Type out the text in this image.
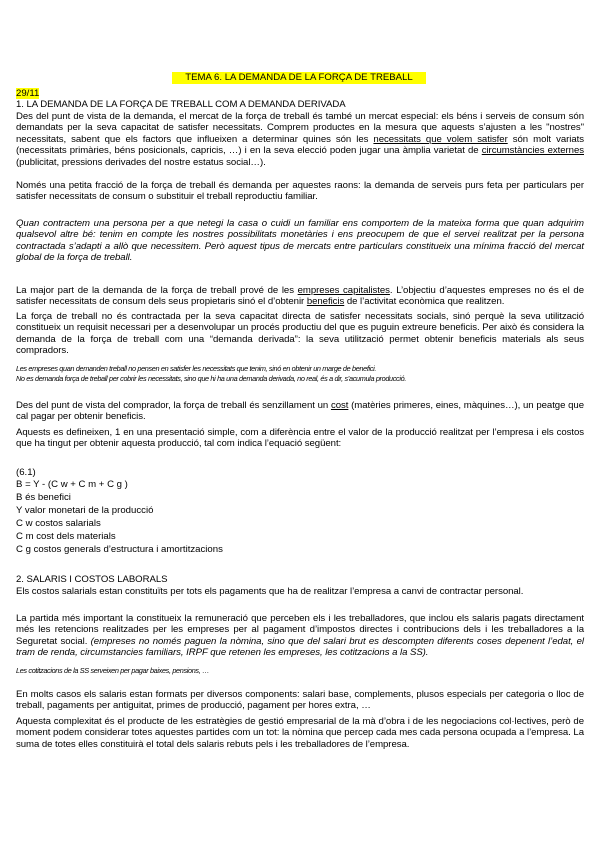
TEMA 6. LA DEMANDA DE LA FORÇA DE TREBALL
29/11

1. LA DEMANDA DE LA FORÇA DE TREBALL COM A DEMANDA DERIVADA

Des del punt de vista de la demanda, el mercat de la força de treball és també un mercat especial: els béns i serveis de consum són demandats per la seva capacitat de satisfer necessitats. Comprem productes en la mesura que aquests s’ajusten a les "nostres" necessitats, sabent que els factors que influeixen a determinar quines són les necessitats que volem satisfer són molt variats (necessitats primàries, béns posicionals, capricis, …) i en la seva elecció poden jugar una àmplia varietat de circumstàncies externes (publicitat, pressions derivades del nostre estatus social…).

Només una petita fracció de la força de treball és demanda per aquestes raons: la demanda de serveis purs feta per particulars per satisfer necessitats de consum o substituir el treball reproductiu familiar.

Quan contractem una persona per a que netegi la casa o cuidi un familiar ens comportem de la mateixa forma que quan adquirim qualsevol altre bé: tenim en compte les nostres possibilitats monetàries i ens preocupem de que el servei realitzat per la persona contractada s’adapti a allò que necessitem. Però aquest tipus de mercats entre particulars constitueix una mínima fracció del mercat global de la força de treball.

La major part de la demanda de la força de treball prové de les empreses capitalistes. L’objectiu d’aquestes empreses no és el de satisfer necessitats de consum dels seus propietaris sinó el d’obtenir beneficis de l’activitat econòmica que realitzen.

La força de treball no és contractada per la seva capacitat directa de satisfer necessitats socials, sinó perquè la seva utilització constitueix un requisit necessari per a desenvolupar un procés productiu del que es puguin extreure beneficis. Per això és considera la demanda de la força de treball com una “demanda derivada”: la seva utilització permet obtenir beneficis materials als seus compradors.

Les empreses quan demanden treball no pensen en satisfer les necessitats que tenim, sinó en obtenir un marge de benefici.

No es demanda força de treball per cobrir les necessitats, sino que hi ha una demanda derivada, no real, és a dir, s’acumula producció.

Des del punt de vista del comprador, la força de treball és senzillament un cost (matèries primeres, eines, màquines…), un peatge que cal pagar per obtenir beneficis.

Aquests es defineixen, 1 en una presentació simple, com a diferència entre el valor de la producció realitzat per l’empresa i els costos que ha tingut per obtenir aquesta producció, tal com indica l’equació següent:

(6.1)

B = Y - (C w + C m + C g )

B és benefici

Y valor monetari de la producció

C w costos salarials

C m cost dels materials

C g costos generals d’estructura i amortitzacions

2. SALARIS I COSTOS LABORALS

Els costos salarials estan constituïts per tots els pagaments que ha de realitzar l’empresa a canvi de contractar personal.

La partida més important la constitueix la remuneració que perceben els i les treballadores, que inclou els salaris pagats directament més les retencions realitzades per les empreses per al pagament d’impostos directes i contribucions dels i les treballadores a la Seguretat social. (empreses no només paguen la nòmina, sino que del salari brut es descompten diferents coses depenent l’edat, el tram de renda, circumstancies familiars, IRPF que retenen les empreses, les cotitzacions a la SS).

Les cotitzacions de la SS serveixen per pagar baixes, pensions, …

En molts casos els salaris estan formats per diversos components: salari base, complements, plusos especials per categoria o lloc de treball, pagaments per antiguitat, primes de producció, pagament per hores extra, …

Aquesta complexitat és el producte de les estratègies de gestió empresarial de la mà d’obra i de les negociacions col·lectives, però de moment podem considerar totes aquestes partides com un tot: la nòmina que percep cada mes cada persona ocupada a l’empresa. La suma de totes elles constituirà el total dels salaris rebuts pels i les treballadores de l’empresa.
